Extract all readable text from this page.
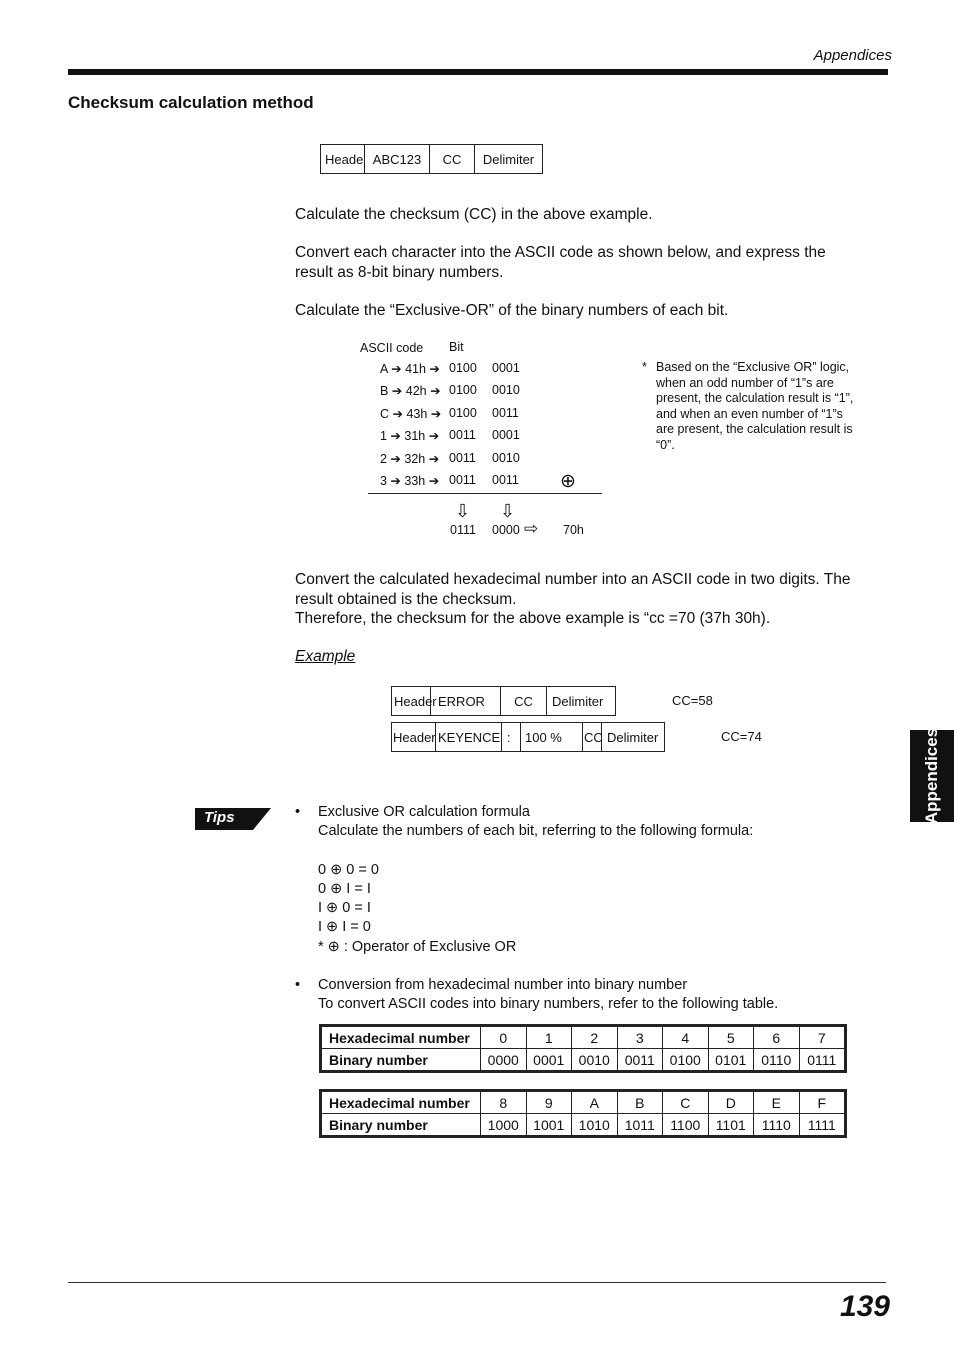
Appendices
Checksum calculation method
Heade ABC123	CC	Delimiter
Calculate the checksum (CC) in the above example.
Convert each character into the ASCII code as shown below, and express the
result as 8-bit binary numbers.
Calculate the “Exclusive-OR” of the binary numbers of each bit.
ASCII code Bit
A ➔ 41h ➔ 0100 0001
B ➔ 42h ➔ 0100 0010
C ➔ 43h ➔ 0100 0011
1 ➔ 31h ➔ 0011 0001
2 ➔ 32h ➔ 0011 0010
3 ➔ 33h ➔ 0011 0011 ⊕
⇩ ⇩
0111 0000 ⇨ 70h
* Based on the “Exclusive OR” logic,
when an odd number of “1”s are
present, the calculation result is “1”,
and when an even number of “1”s
are present, the calculation result is
“0”.
Convert the calculated hexadecimal number into an ASCII code in two digits. The
result obtained is the checksum.
Therefore, the checksum for the above example is “cc =70 (37h 30h).
Example
Header ERROR	CC	Delimiter	CC=58
Header KEYENCE :	100 %	CC Delimiter	CC=74
Tips	• Exclusive OR calculation formula
Calculate the numbers of each bit, referring to the following formula:
0 ⊕ 0 = 0
0 ⊕ I = I
I ⊕ 0 = I
I ⊕ I = 0
* ⊕ : Operator of Exclusive OR
• Conversion from hexadecimal number into binary number
To convert ASCII codes into binary numbers, refer to the following table.
Hexadecimal number	0	1	2	3	4	5	6	7
Binary number	0000	0001	0010	0011	0100	0101	0110	0111
Hexadecimal number	8	9	A	B	C	D	E	F
Binary number	1000	1001	1010	1011	1100	1101	1110	1111
Appendices
139
